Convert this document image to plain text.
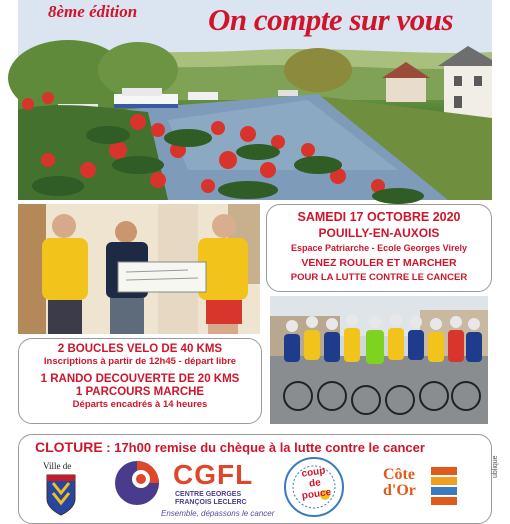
8ème édition On compte sur vous
SAMEDI 17 OCTOBRE 2020
POUILLY-EN-AUXOIS
Espace Patriarche - Ecole Georges Virely
VENEZ ROULER ET MARCHER
POUR LA LUTTE CONTRE LE CANCER
2 BOUCLES VELO DE 40 KMS
Inscriptions à partir de 12h45 - départ libre
1 RANDO DECOUVERTE DE 20 KMS
1 PARCOURS MARCHE
Départs encadrés à 14 heures
CLOTURE : 17h00 remise du chèque à la lutte contre le cancer
Ville de	CGFL
CENTRE GEORGES
FRANÇOIS LECLERC
Ensemble, dépassons le cancer
coup
de
pouce
Côte
d'Or
ublique
